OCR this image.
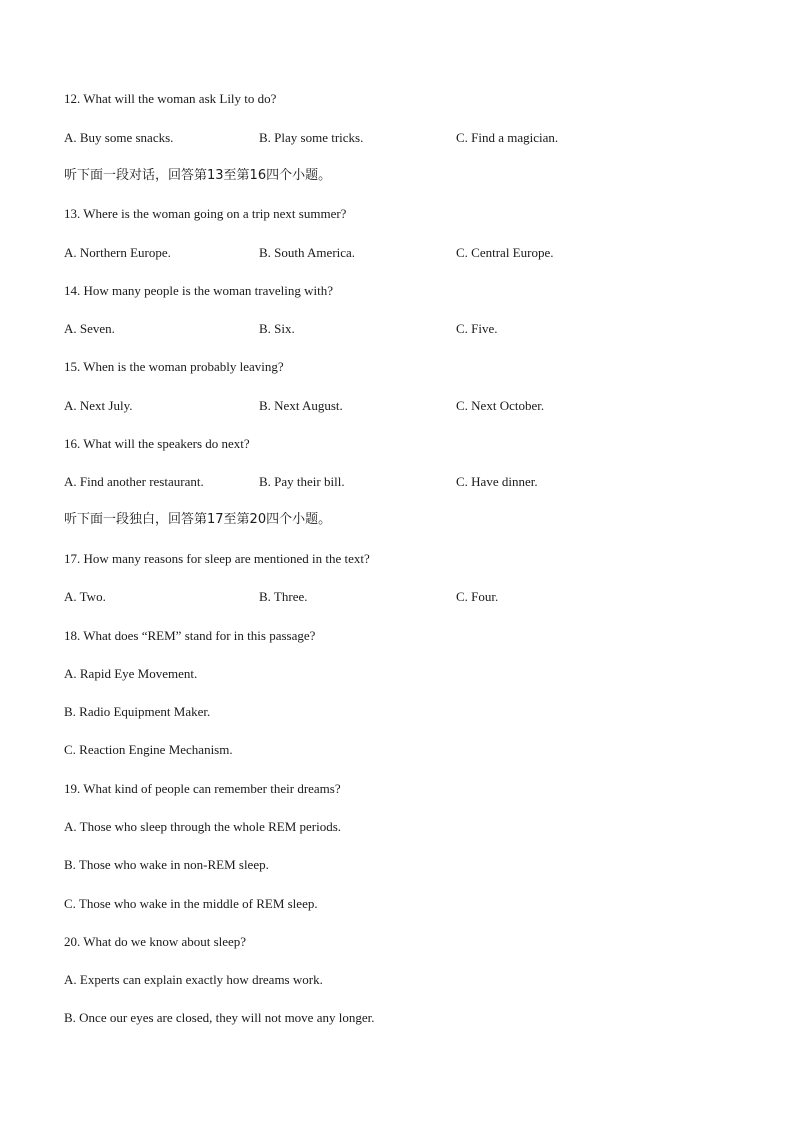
12. What will the woman ask Lily to do?
A. Buy some snacks.	B. Play some tricks.	C. Find a magician.
听下面一段对话，回答第13至第16四个小题。
13. Where is the woman going on a trip next summer?
A. Northern Europe.	B. South America.	C. Central Europe.
14. How many people is the woman traveling with?
A. Seven.	B. Six.	C. Five.
15. When is the woman probably leaving?
A. Next July.	B. Next August.	C. Next October.
16. What will the speakers do next?
A. Find another restaurant.	B. Pay their bill.	C. Have dinner.
听下面一段独白，回答第17至第20四个小题。
17. How many reasons for sleep are mentioned in the text?
A. Two.	B. Three.	C. Four.
18. What does “REM” stand for in this passage?
A. Rapid Eye Movement.
B. Radio Equipment Maker.
C. Reaction Engine Mechanism.
19. What kind of people can remember their dreams?
A. Those who sleep through the whole REM periods.
B. Those who wake in non-REM sleep.
C. Those who wake in the middle of REM sleep.
20. What do we know about sleep?
A. Experts can explain exactly how dreams work.
B. Once our eyes are closed, they will not move any longer.
